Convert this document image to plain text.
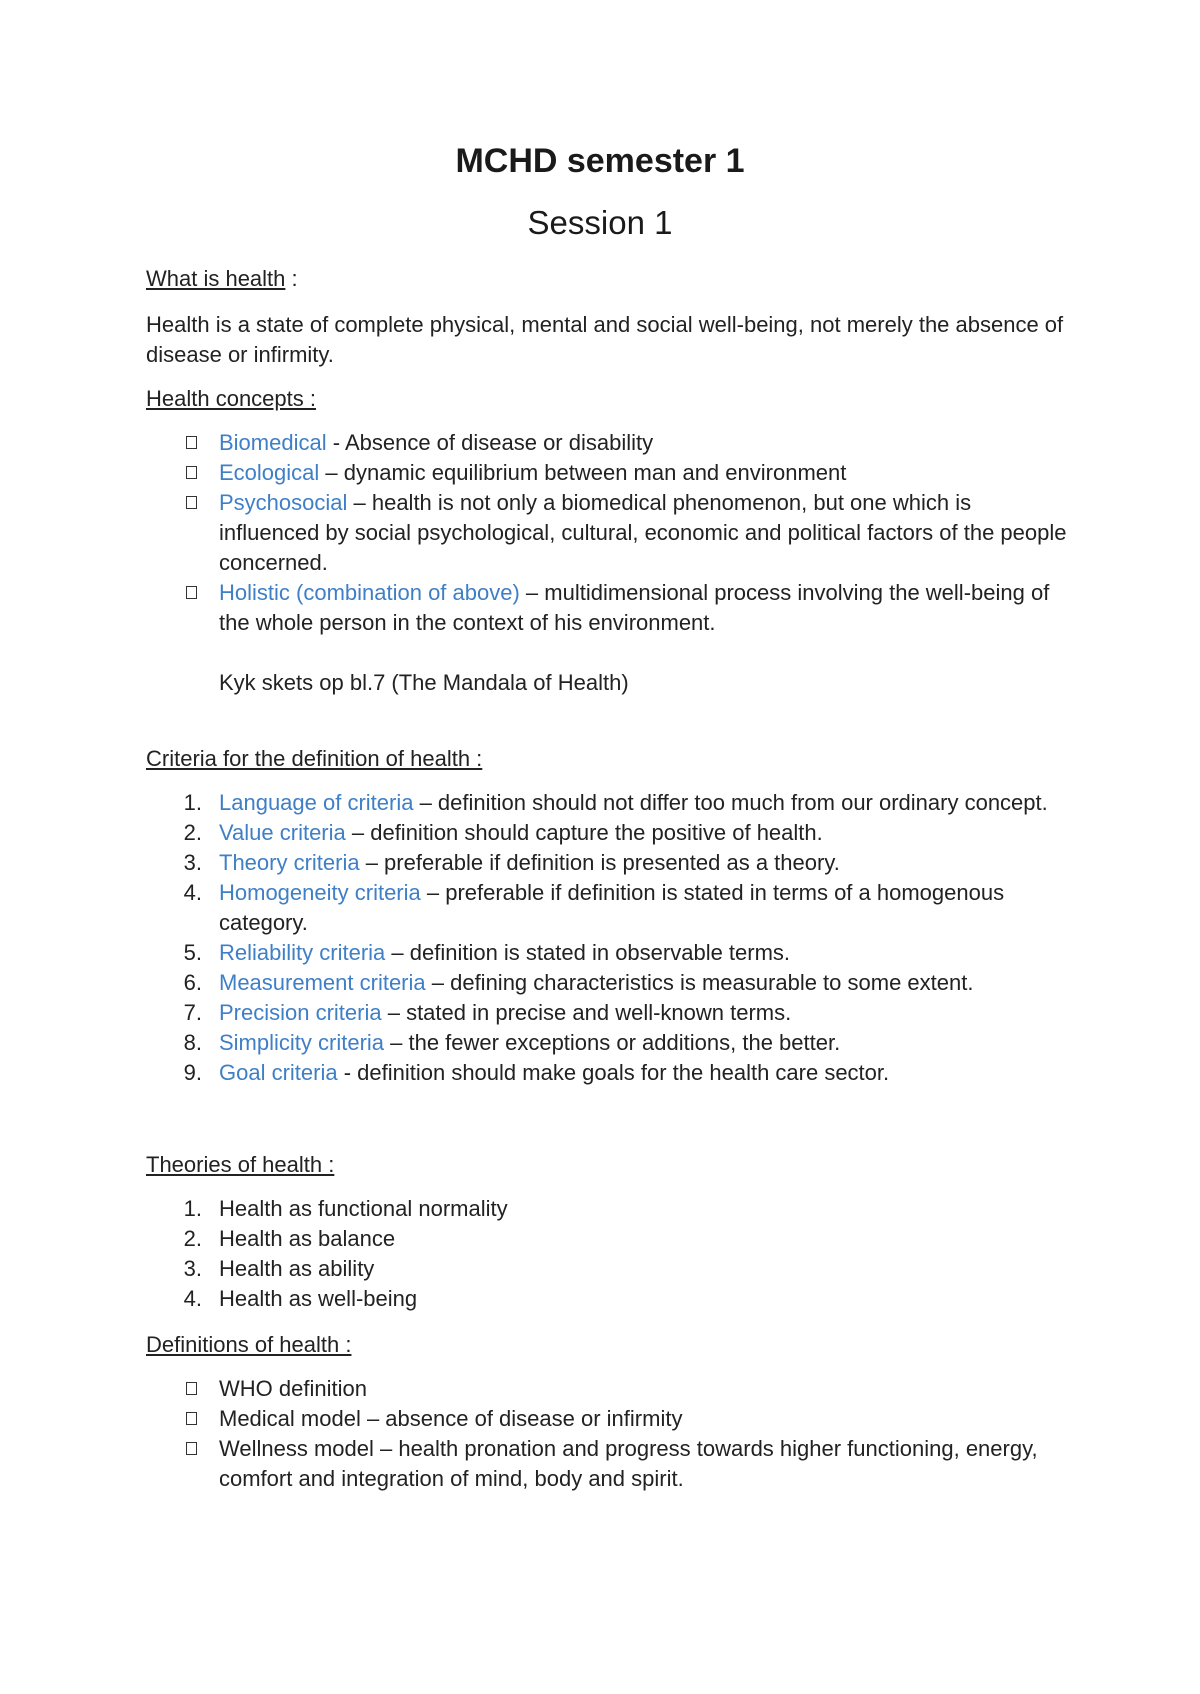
MCHD semester 1
Session 1

What is health :

Health is a state of complete physical, mental and social well-being, not merely the absence of disease or infirmity.

Health concepts :

Biomedical - Absence of disease or disability
Ecological – dynamic equilibrium between man and environment
Psychosocial – health is not only a biomedical phenomenon, but one which is influenced by social psychological, cultural, economic and political factors of the people concerned.
Holistic (combination of above) – multidimensional process involving the well-being of the whole person in the context of his environment.

Kyk skets op bl.7 (The Mandala of Health)

Criteria for the definition of health :

1. Language of criteria – definition should not differ too much from our ordinary concept.
2. Value criteria – definition should capture the positive of health.
3. Theory criteria – preferable if definition is presented as a theory.
4. Homogeneity criteria – preferable if definition is stated in terms of a homogenous category.
5. Reliability criteria – definition is stated in observable terms.
6. Measurement criteria – defining characteristics is measurable to some extent.
7. Precision criteria – stated in precise and well-known terms.
8. Simplicity criteria – the fewer exceptions or additions, the better.
9. Goal criteria - definition should make goals for the health care sector.

Theories of health :

1. Health as functional normality
2. Health as balance
3. Health as ability
4. Health as well-being

Definitions of health :

WHO definition
Medical model – absence of disease or infirmity
Wellness model – health pronation and progress towards higher functioning, energy, comfort and integration of mind, body and spirit.
